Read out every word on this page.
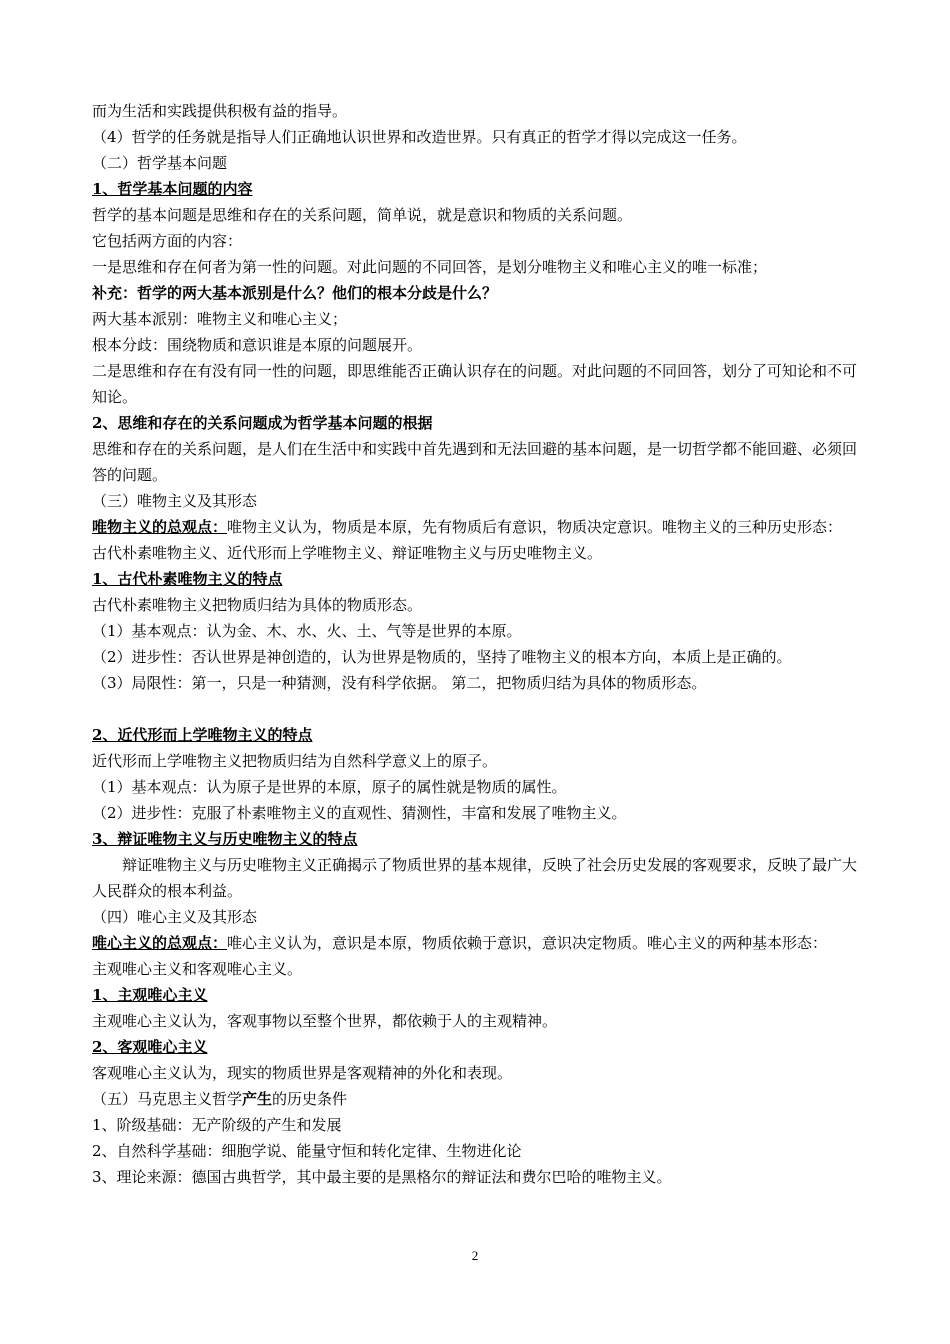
而为生活和实践提供积极有益的指导。

（4）哲学的任务就是指导人们正确地认识世界和改造世界。只有真正的哲学才得以完成这一任务。

（二）哲学基本问题

1、哲学基本问题的内容

哲学的基本问题是思维和存在的关系问题，简单说，就是意识和物质的关系问题。

它包括两方面的内容：

一是思维和存在何者为第一性的问题。对此问题的不同回答，是划分唯物主义和唯心主义的唯一标准；

补充：哲学的两大基本派别是什么？他们的根本分歧是什么？

两大基本派别：唯物主义和唯心主义；

根本分歧：围绕物质和意识谁是本原的问题展开。

二是思维和存在有没有同一性的问题，即思维能否正确认识存在的问题。对此问题的不同回答，划分了可知论和不可知论。

2、思维和存在的关系问题成为哲学基本问题的根据

思维和存在的关系问题，是人们在生活中和实践中首先遇到和无法回避的基本问题，是一切哲学都不能回避、必须回答的问题。

（三）唯物主义及其形态

唯物主义的总观点：唯物主义认为，物质是本原，先有物质后有意识，物质决定意识。唯物主义的三种历史形态：

古代朴素唯物主义、近代形而上学唯物主义、辩证唯物主义与历史唯物主义。

1、古代朴素唯物主义的特点

古代朴素唯物主义把物质归结为具体的物质形态。

（1）基本观点：认为金、木、水、火、土、气等是世界的本原。

（2）进步性：否认世界是神创造的，认为世界是物质的，坚持了唯物主义的根本方向，本质上是正确的。

（3）局限性：第一，只是一种猜测，没有科学依据。 第二，把物质归结为具体的物质形态。

2、近代形而上学唯物主义的特点

近代形而上学唯物主义把物质归结为自然科学意义上的原子。

（1）基本观点：认为原子是世界的本原，原子的属性就是物质的属性。

（2）进步性：克服了朴素唯物主义的直观性、猜测性，丰富和发展了唯物主义。

3、辩证唯物主义与历史唯物主义的特点

辩证唯物主义与历史唯物主义正确揭示了物质世界的基本规律，反映了社会历史发展的客观要求，反映了最广大人民群众的根本利益。

（四）唯心主义及其形态

唯心主义的总观点：唯心主义认为，意识是本原，物质依赖于意识，意识决定物质。唯心主义的两种基本形态：

主观唯心主义和客观唯心主义。

1、主观唯心主义

主观唯心主义认为，客观事物以至整个世界，都依赖于人的主观精神。

2、客观唯心主义

客观唯心主义认为，现实的物质世界是客观精神的外化和表现。

（五）马克思主义哲学产生的历史条件

1、阶级基础：无产阶级的产生和发展

2、自然科学基础：细胞学说、能量守恒和转化定律、生物进化论

3、理论来源：德国古典哲学，其中最主要的是黑格尔的辩证法和费尔巴哈的唯物主义。

2
